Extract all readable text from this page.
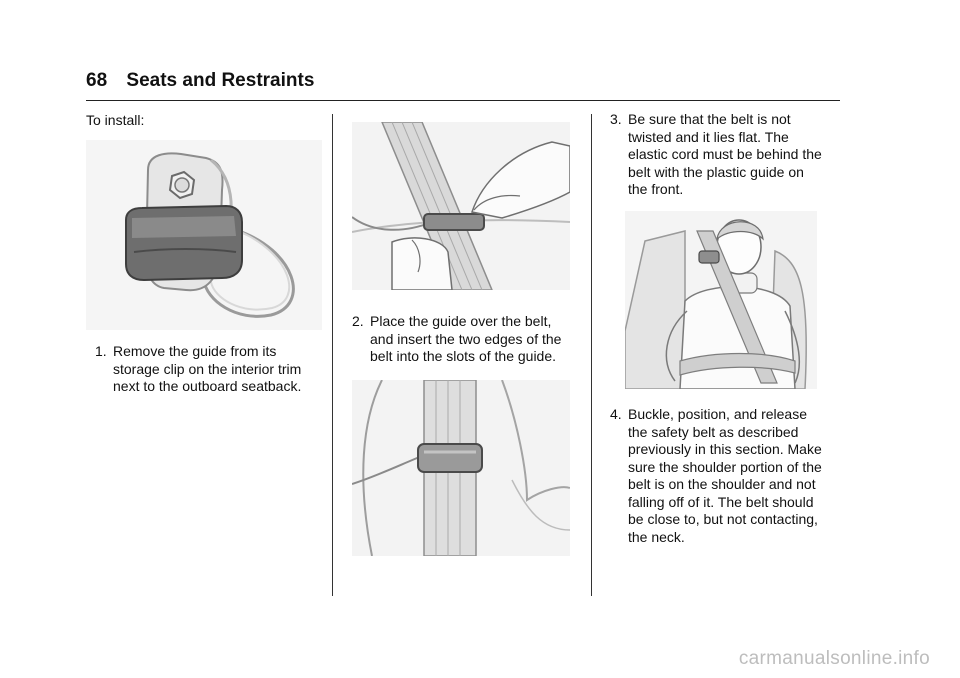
68 Seats and Restraints
To install:
1. Remove the guide from its
storage clip on the interior trim
next to the outboard seatback.
2. Place the guide over the belt,
and insert the two edges of the
belt into the slots of the guide.
3. Be sure that the belt is not
twisted and it lies flat. The
elastic cord must be behind the
belt with the plastic guide on
the front.
4. Buckle, position, and release
the safety belt as described
previously in this section. Make
sure the shoulder portion of the
belt is on the shoulder and not
falling off of it. The belt should
be close to, but not contacting,
the neck.
carmanualsonline.info
